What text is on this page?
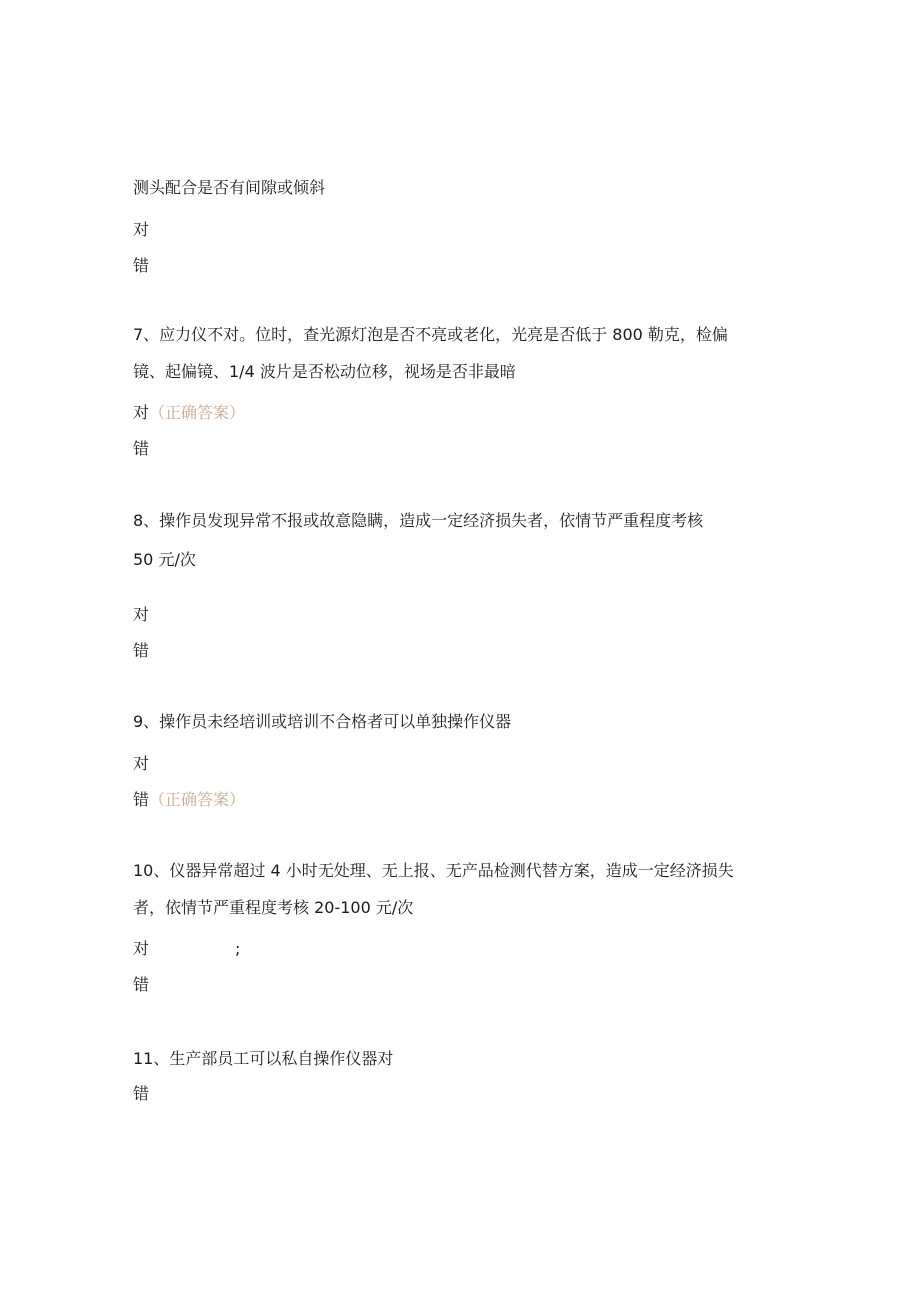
测头配合是否有间隙或倾斜
对
错
7、应力仪不对。位时，查光源灯泡是否不亮或老化，光亮是否低于 800 勒克，检偏
镜、起偏镜、1/4 波片是否松动位移，视场是否非最暗
对（正确答案）
错
8、操作员发现异常不报或故意隐瞒，造成一定经济损失者，依情节严重程度考核
50 元/次
对
错
9、操作员未经培训或培训不合格者可以单独操作仪器
对
错（正确答案）
10、仪器异常超过 4 小时无处理、无上报、无产品检测代替方案，造成一定经济损失
者，依情节严重程度考核 20-100 元/次
对	;
错
11、生产部员工可以私自操作仪器对
错
